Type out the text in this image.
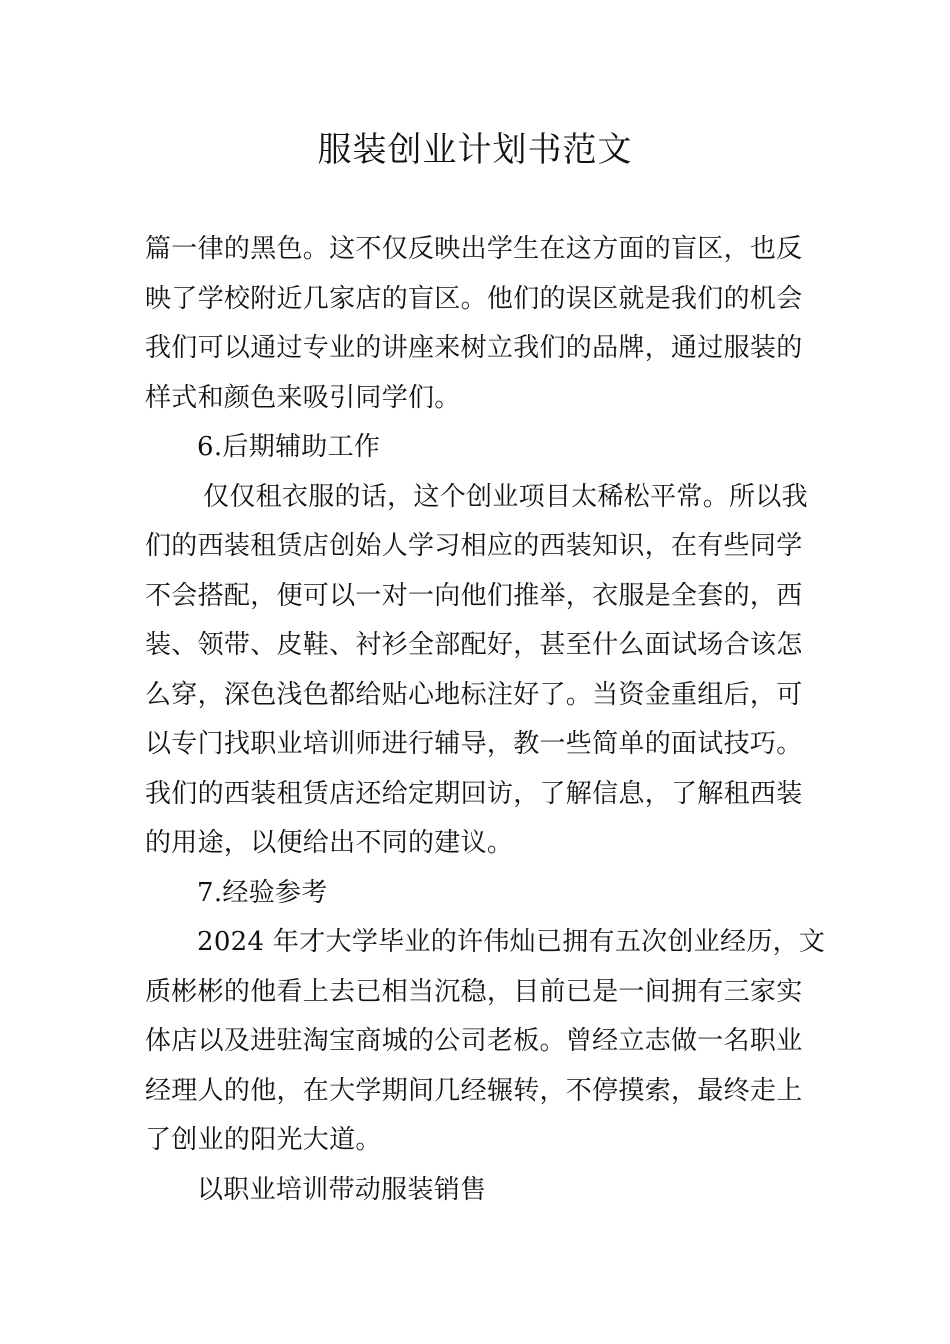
服装创业计划书范文
篇一律的黑色。这不仅反映出学生在这方面的盲区，也反
映了学校附近几家店的盲区。他们的误区就是我们的机会
我们可以通过专业的讲座来树立我们的品牌，通过服装的
样式和颜色来吸引同学们。
6.后期辅助工作
仅仅租衣服的话，这个创业项目太稀松平常。所以我
们的西装租赁店创始人学习相应的西装知识，在有些同学
不会搭配，便可以一对一向他们推举，衣服是全套的，西
装、领带、皮鞋、衬衫全部配好，甚至什么面试场合该怎
么穿，深色浅色都给贴心地标注好了。当资金重组后，可
以专门找职业培训师进行辅导，教一些简单的面试技巧。
我们的西装租赁店还给定期回访，了解信息，了解租西装
的用途，以便给出不同的建议。
7.经验参考
2024 年才大学毕业的许伟灿已拥有五次创业经历，文
质彬彬的他看上去已相当沉稳，目前已是一间拥有三家实
体店以及进驻淘宝商城的公司老板。曾经立志做一名职业
经理人的他，在大学期间几经辗转，不停摸索，最终走上
了创业的阳光大道。
以职业培训带动服装销售
